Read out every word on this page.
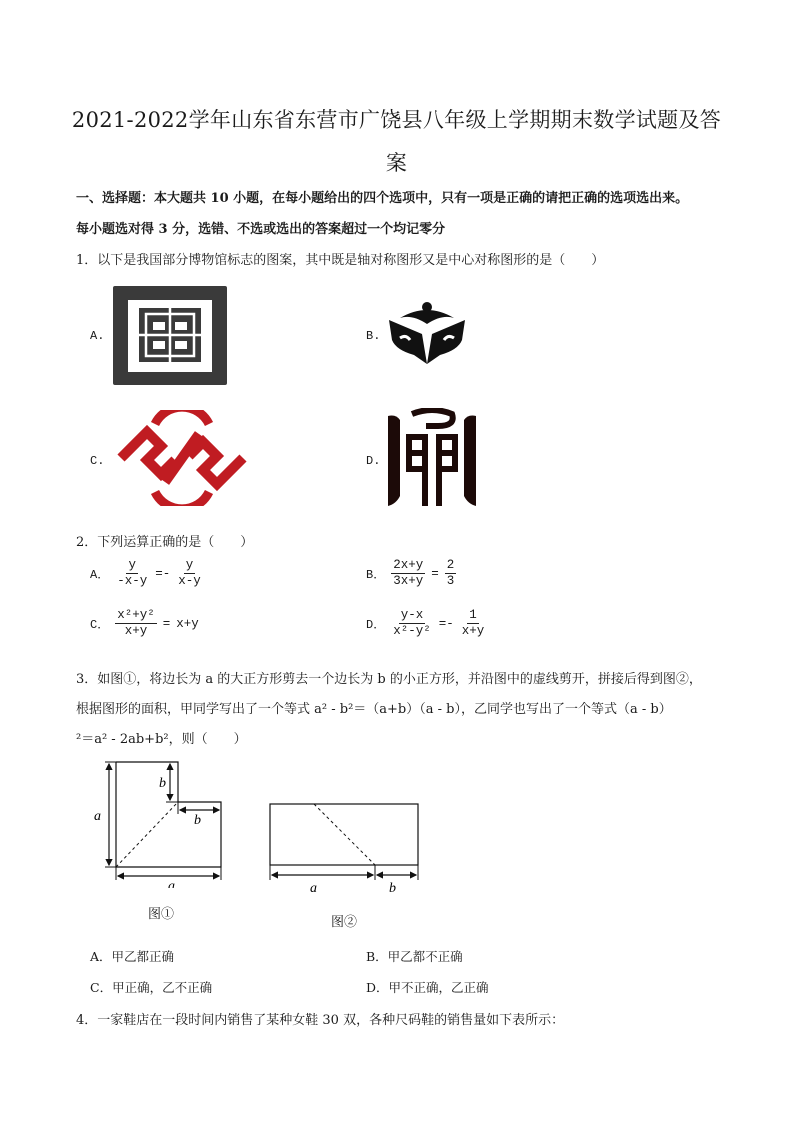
2021-2022学年山东省东营市广饶县八年级上学期期末数学试题及答
案
一、选择题：本大题共 10 小题，在每小题给出的四个选项中，只有一项是正确的请把正确的选项选出来。
每小题选对得 3 分，选错、不选或选出的答案超过一个均记零分
1．以下是我国部分博物馆标志的图案，其中既是轴对称图形又是中心对称图形的是（　　）
A.	B.
C.	D.
2．下列运算正确的是（　　）
A． $\frac{y}{-x-y} =- \frac{y}{x-y}$	B． $\frac{2x+y}{3x+y} = \frac{2}{3}$
C． $\frac{\text{x²+y²}}{x+y} = x+y$	D． $\frac{y-x}{\text{x²-y²}} =- \frac{1}{x+y}$
3．如图①，将边长为 a 的大正方形剪去一个边长为 b 的小正方形，并沿图中的虚线剪开，拼接后得到图②，
根据图形的面积，甲同学写出了一个等式 a² - b²＝（a+b）（a - b），乙同学也写出了一个等式（a - b）
²＝a² - 2ab+b²，则（　　）
a
b
b
a
图①
a	b
图②
A．甲乙都正确	B．甲乙都不正确
C．甲正确，乙不正确	D．甲不正确，乙正确
4．一家鞋店在一段时间内销售了某种女鞋 30 双，各种尺码鞋的销售量如下表所示：
